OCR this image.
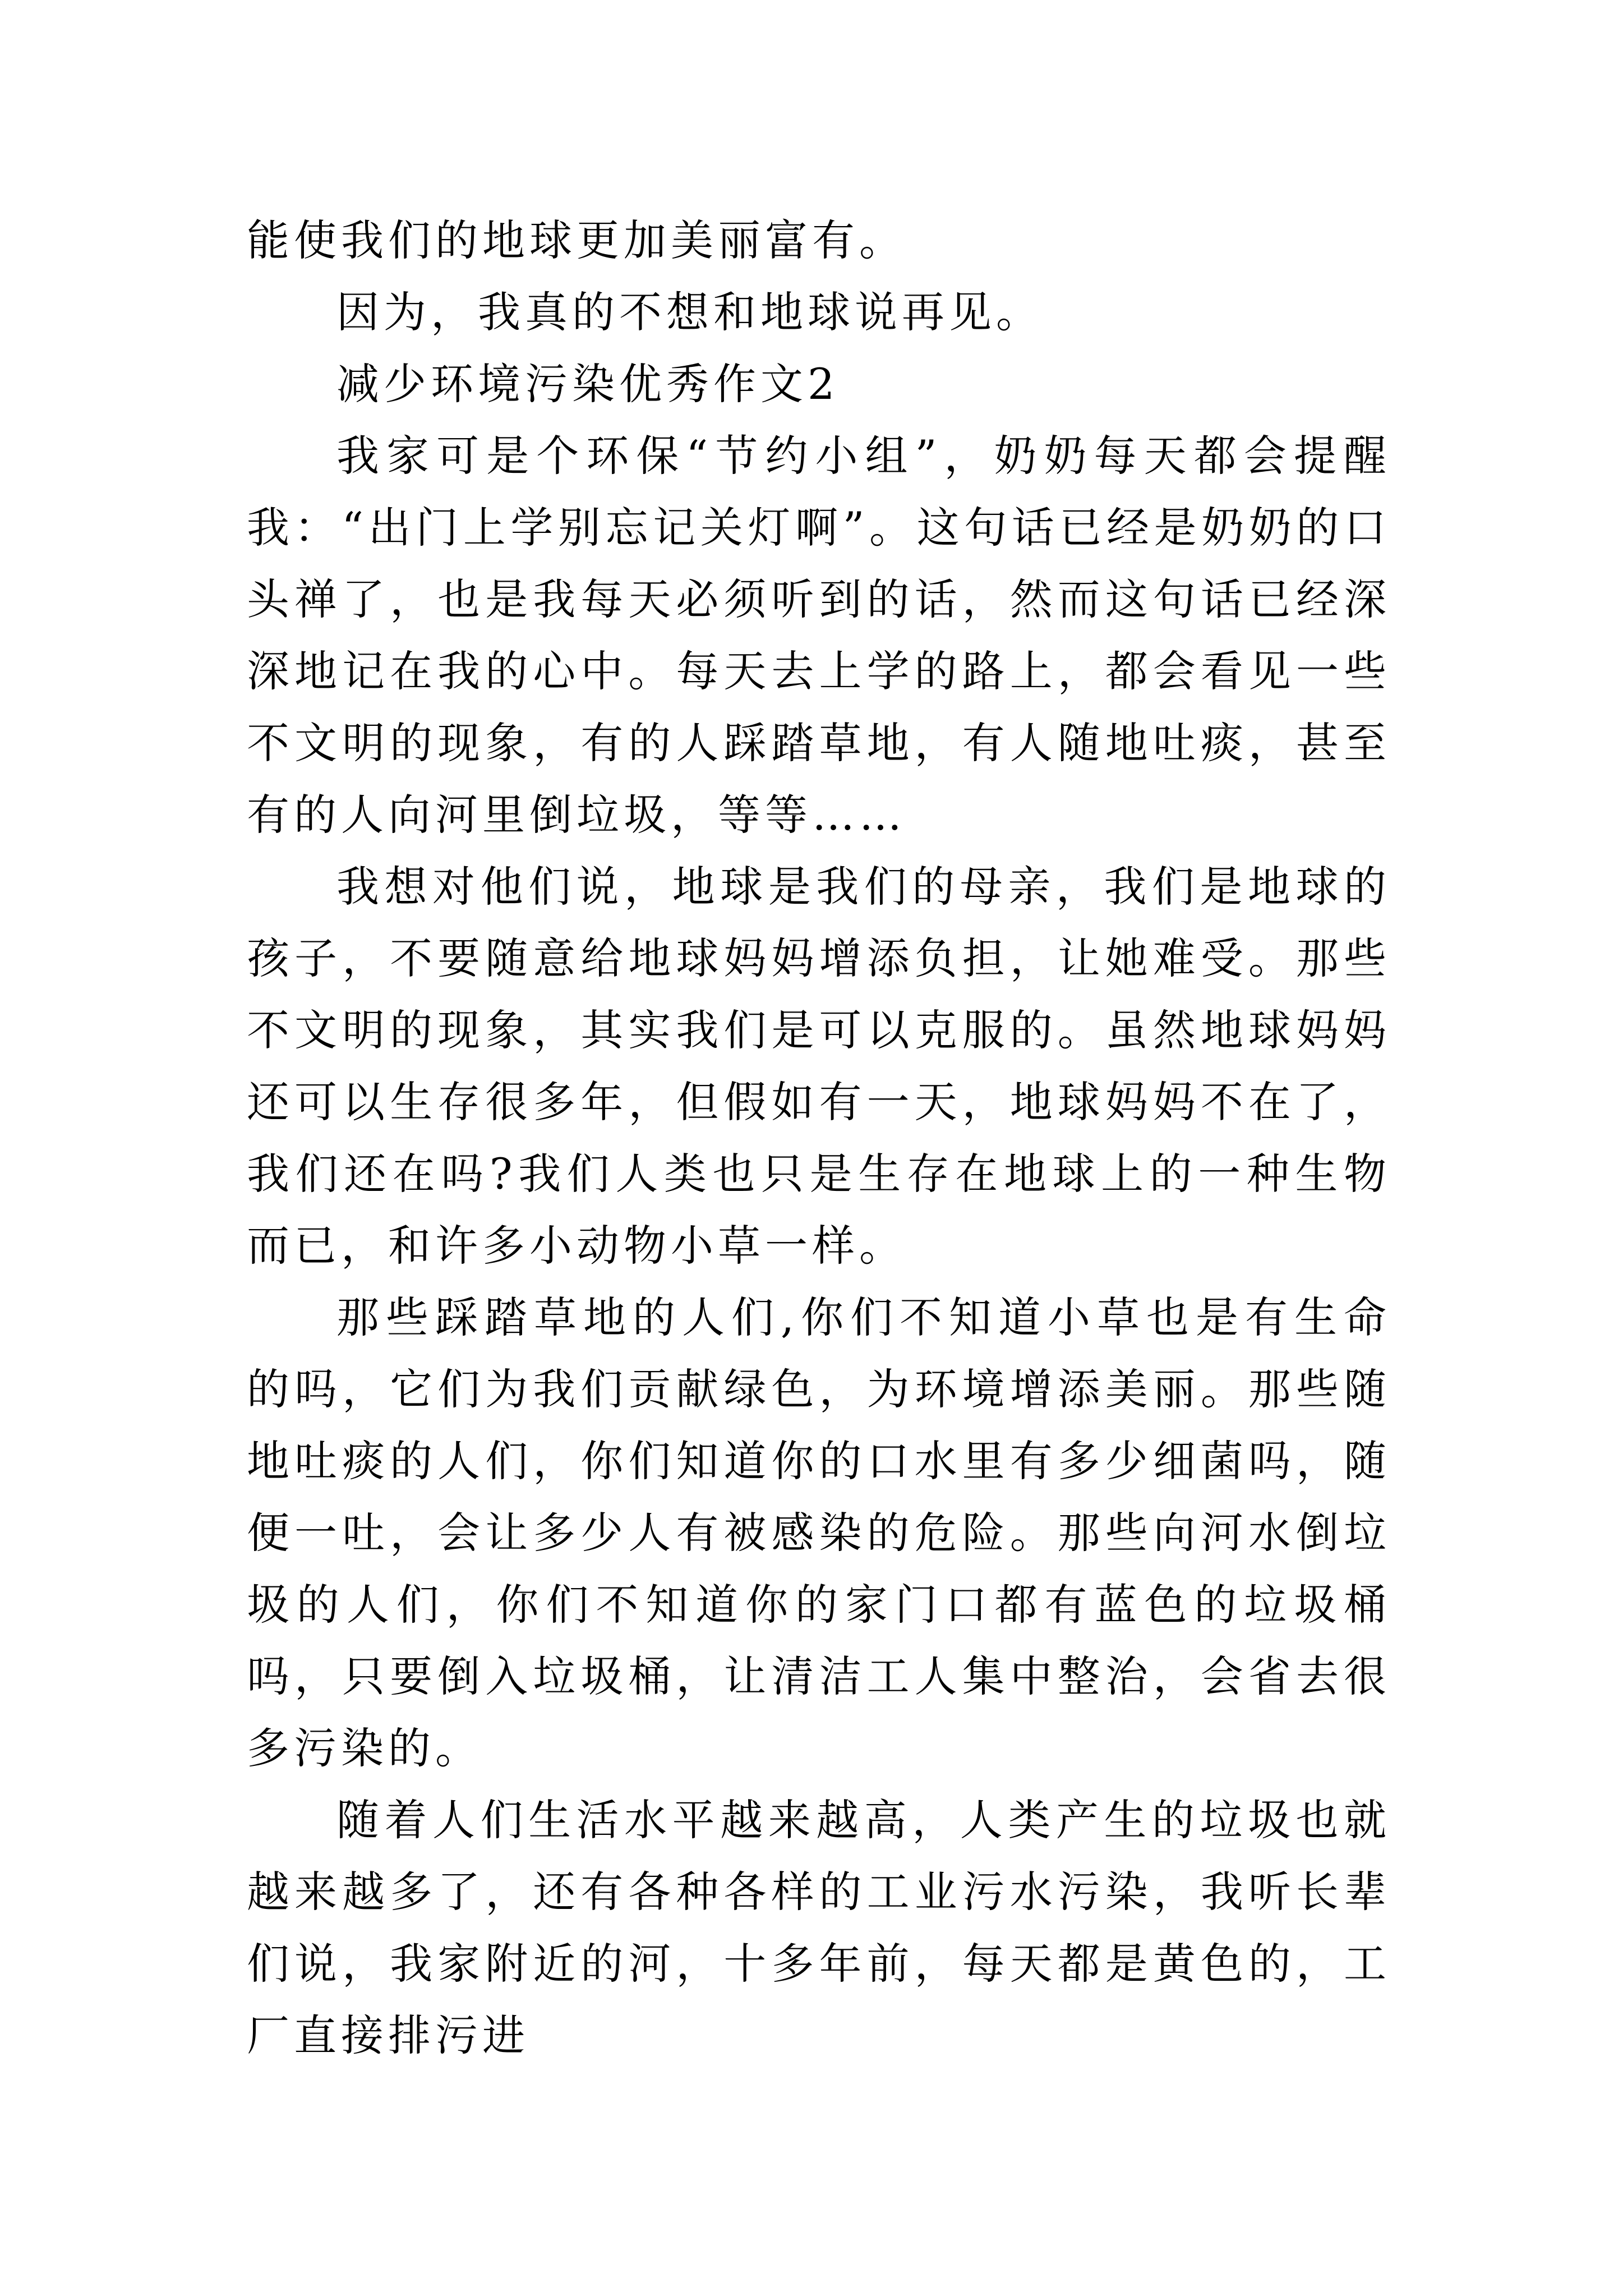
能使我们的地球更加美丽富有。

因为，我真的不想和地球说再见。

减少环境污染优秀作文2

我家可是个环保“节约小组”，奶奶每天都会提醒我：“出门上学别忘记关灯啊”。这句话已经是奶奶的口头禅了，也是我每天必须听到的话，然而这句话已经深深地记在我的心中。每天去上学的路上，都会看见一些不文明的现象，有的人踩踏草地，有人随地吐痰，甚至有的人向河里倒垃圾，等等……

我想对他们说，地球是我们的母亲，我们是地球的孩子，不要随意给地球妈妈增添负担，让她难受。那些不文明的现象，其实我们是可以克服的。虽然地球妈妈还可以生存很多年，但假如有一天，地球妈妈不在了，我们还在吗?我们人类也只是生存在地球上的一种生物而已，和许多小动物小草一样。

那些踩踏草地的人们,你们不知道小草也是有生命的吗，它们为我们贡献绿色，为环境增添美丽。那些随地吐痰的人们，你们知道你的口水里有多少细菌吗，随便一吐，会让多少人有被感染的危险。那些向河水倒垃圾的人们，你们不知道你的家门口都有蓝色的垃圾桶吗，只要倒入垃圾桶，让清洁工人集中整治，会省去很多污染的。

随着人们生活水平越来越高，人类产生的垃圾也就越来越多了，还有各种各样的工业污水污染，我听长辈们说，我家附近的河，十多年前，每天都是黄色的，工厂直接排污进
